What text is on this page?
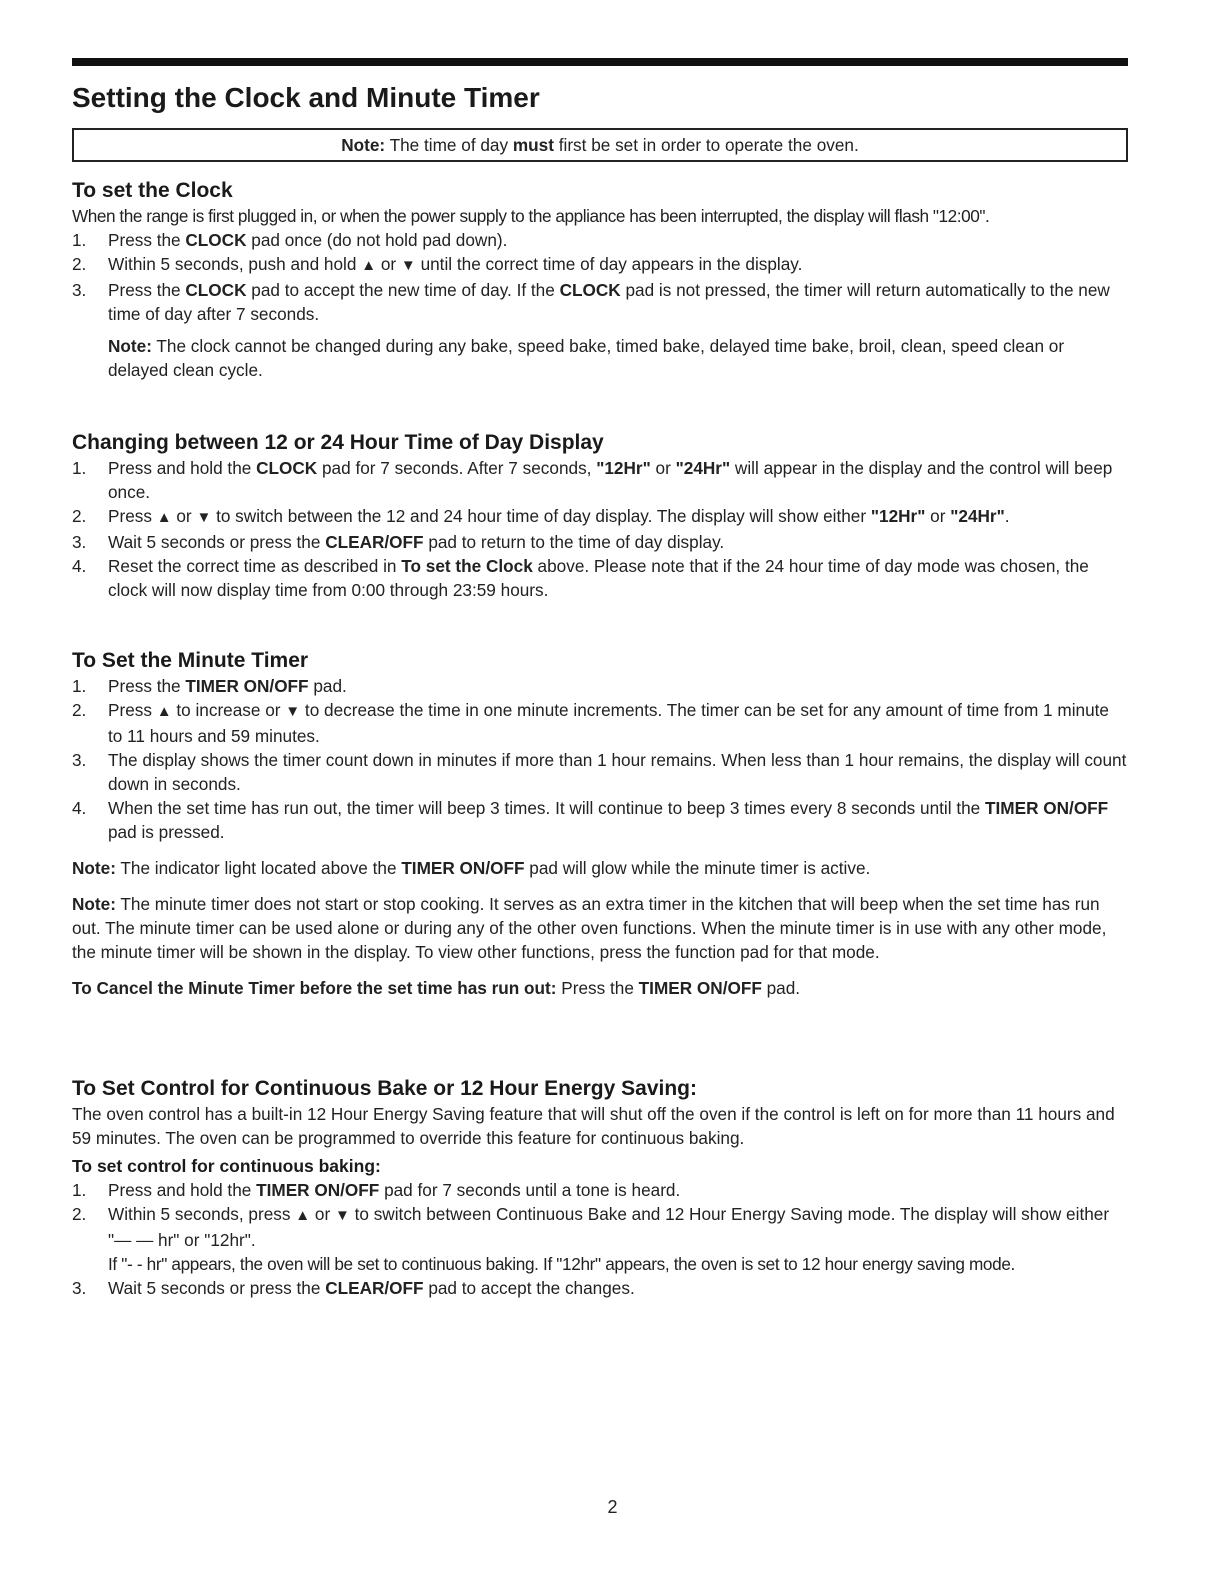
Setting the Clock and Minute Timer
Note: The time of day must first be set in order to operate the oven.
To set the Clock

When the range is first plugged in, or when the power supply to the appliance has been interrupted, the display will flash "12:00".

1. Press the CLOCK pad once (do not hold pad down).
2. Within 5 seconds, push and hold ▲ or ▼ until the correct time of day appears in the display.
3. Press the CLOCK pad to accept the new time of day. If the CLOCK pad is not pressed, the timer will return automatically to the new time of day after 7 seconds.

Note: The clock cannot be changed during any bake, speed bake, timed bake, delayed time bake, broil, clean, speed clean or delayed clean cycle.

Changing between 12 or 24 Hour Time of Day Display
1. Press and hold the CLOCK pad for 7 seconds. After 7 seconds, "12Hr" or "24Hr" will appear in the display and the control will beep once.
2. Press ▲ or ▼ to switch between the 12 and 24 hour time of day display. The display will show either "12Hr" or "24Hr".
3. Wait 5 seconds or press the CLEAR/OFF pad to return to the time of day display.
4. Reset the correct time as described in To set the Clock above. Please note that if the 24 hour time of day mode was chosen, the clock will now display time from 0:00 through 23:59 hours.
To Set the Minute Timer
1. Press the TIMER ON/OFF pad.
2. Press ▲ to increase or ▼ to decrease the time in one minute increments. The timer can be set for any amount of time from 1 minute to 11 hours and 59 minutes.
3. The display shows the timer count down in minutes if more than 1 hour remains. When less than 1 hour remains, the display will count down in seconds.
4. When the set time has run out, the timer will beep 3 times. It will continue to beep 3 times every 8 seconds until the TIMER ON/OFF pad is pressed.

Note: The indicator light located above the TIMER ON/OFF pad will glow while the minute timer is active.

Note: The minute timer does not start or stop cooking. It serves as an extra timer in the kitchen that will beep when the set time has run out. The minute timer can be used alone or during any of the other oven functions. When the minute timer is in use with any other mode, the minute timer will be shown in the display. To view other functions, press the function pad for that mode.

To Cancel the Minute Timer before the set time has run out: Press the TIMER ON/OFF pad.

To Set Control for Continuous Bake or 12 Hour Energy Saving:

The oven control has a built-in 12 Hour Energy Saving feature that will shut off the oven if the control is left on for more than 11 hours and 59 minutes. The oven can be programmed to override this feature for continuous baking.

To set control for continuous baking:
1. Press and hold the TIMER ON/OFF pad for 7 seconds until a tone is heard.
2. Within 5 seconds, press ▲ or ▼ to switch between Continuous Bake and 12 Hour Energy Saving mode. The display will show either "— — hr" or "12hr".
If "- - hr" appears, the oven will be set to continuous baking. If "12hr" appears, the oven is set to 12 hour energy saving mode.
3. Wait 5 seconds or press the CLEAR/OFF pad to accept the changes.
2
